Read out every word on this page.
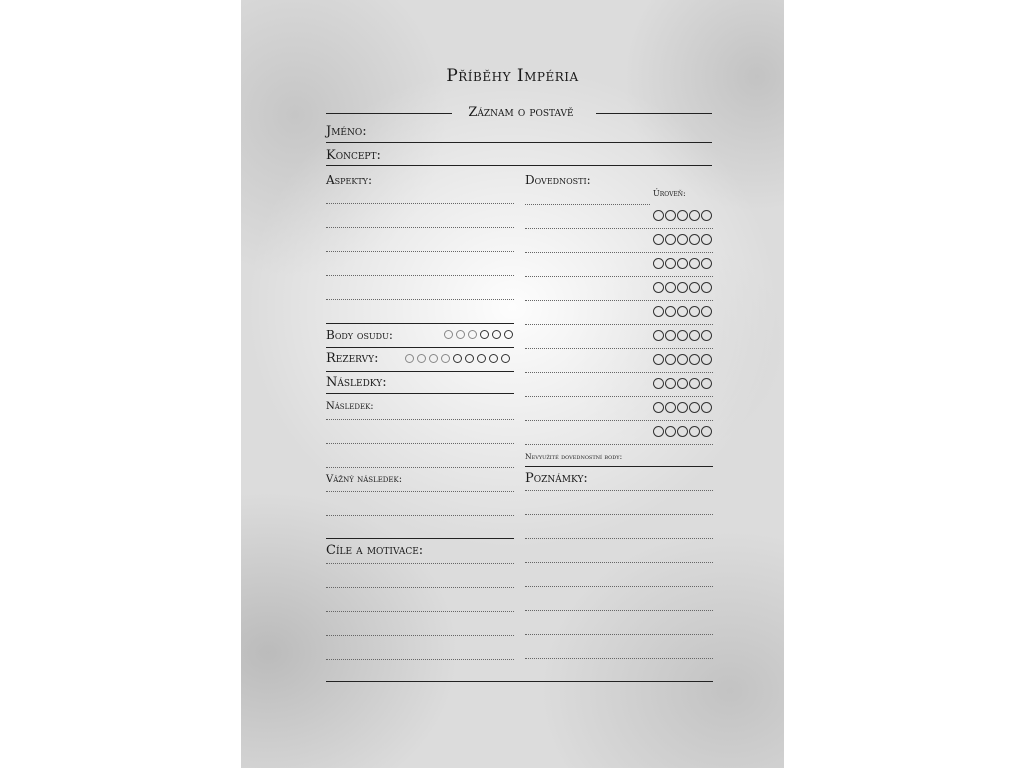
Příběhy Impéria
Záznam o postavě
Jméno:
Koncept:
Aspekty:
Body osudu:
Rezervy:
Následky:
Následek:
Vážný následek:
Cíle a motivace:
Dovednosti:
Úroveň:
Nevyužité dovednostní body:
Poznámky:
